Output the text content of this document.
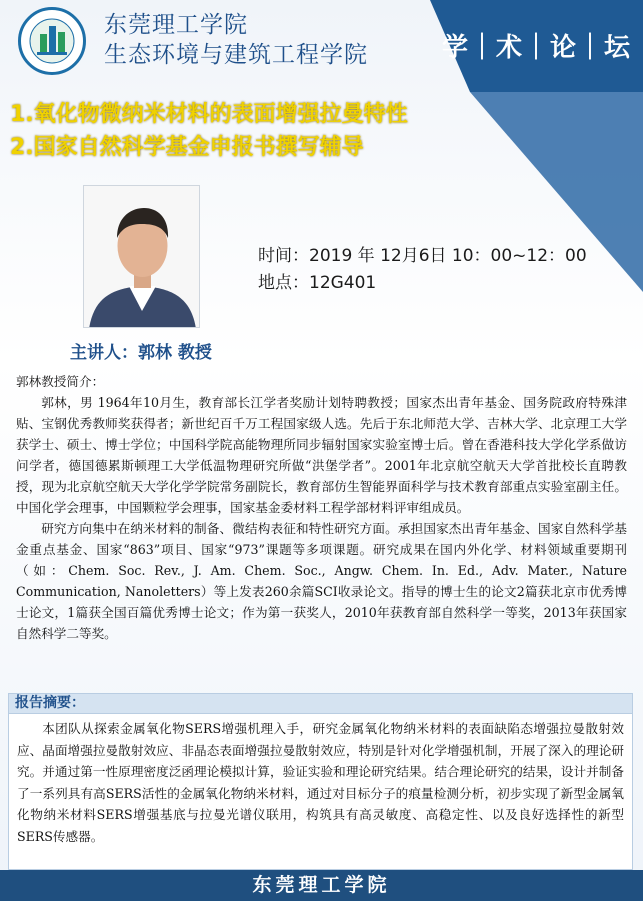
东莞理工学院
生态环境与建筑工程学院	学｜术｜论｜坛
1.氧化物微纳米材料的表面增强拉曼特性
2.国家自然科学基金申报书撰写辅导
时间：2019 年 12月6日 10：00~12：00
地点：12G401
主讲人：郭林 教授

郭林教授简介：

郭林，男 1964年10月生，教育部长江学者奖励计划特聘教授；国家杰出青年基金、国务院政府特殊津贴、宝钢优秀教师奖获得者；新世纪百千万工程国家级人选。先后于东北师范大学、吉林大学、北京理工大学获学士、硕士、博士学位；中国科学院高能物理所同步辐射国家实验室博士后。曾在香港科技大学化学系做访问学者，德国德累斯顿理工大学低温物理研究所做“洪堡学者”。2001年北京航空航天大学首批校长直聘教授，现为北京航空航天大学化学学院常务副院长，教育部仿生智能界面科学与技术教育部重点实验室副主任。中国化学会理事，中国颗粒学会理事，国家基金委材料工程学部材料评审组成员。

研究方向集中在纳米材料的制备、微结构表征和特性研究方面。承担国家杰出青年基金、国家自然科学基金重点基金、国家“863”项目、国家“973”课题等多项课题。研究成果在国内外化学、材料领域重要期刊（如：Chem. Soc. Rev., J. Am. Chem. Soc., Angw. Chem. In. Ed., Adv. Mater., Nature Communication, Nanoletters）等上发表260余篇SCI收录论文。指导的博士生的论文2篇获北京市优秀博士论文，1篇获全国百篇优秀博士论文；作为第一获奖人，2010年获教育部自然科学一等奖，2013年获国家自然科学二等奖。

报告摘要：

本团队从探索金属氧化物SERS增强机理入手，研究金属氧化物纳米材料的表面缺陷态增强拉曼散射效应、晶面增强拉曼散射效应、非晶态表面增强拉曼散射效应，特别是针对化学增强机制，开展了深入的理论研究。并通过第一性原理密度泛函理论模拟计算，验证实验和理论研究结果。结合理论研究的结果，设计并制备了一系列具有高SERS活性的金属氧化物纳米材料，通过对目标分子的痕量检测分析，初步实现了新型金属氧化物纳米材料SERS增强基底与拉曼光谱仪联用，构筑具有高灵敏度、高稳定性、以及良好选择性的新型SERS传感器。

东莞理工学院
